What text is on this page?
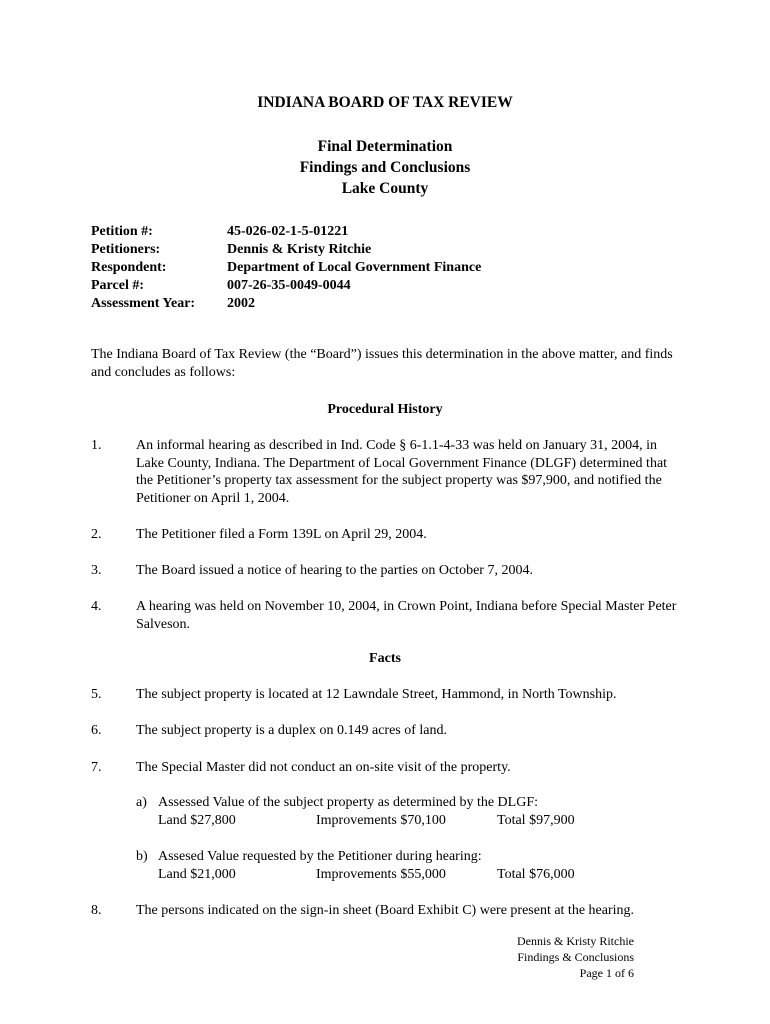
INDIANA BOARD OF TAX REVIEW
Final Determination
Findings and Conclusions
Lake County
Petition #:	45-026-02-1-5-01221
Petitioners:	Dennis & Kristy Ritchie
Respondent:	Department of Local Government Finance
Parcel #:	007-26-35-0049-0044
Assessment Year:	2002
The Indiana Board of Tax Review (the “Board”) issues this determination in the above matter, and finds and concludes as follows:
Procedural History
1.	An informal hearing as described in Ind. Code § 6-1.1-4-33 was held on January 31, 2004, in Lake County, Indiana. The Department of Local Government Finance (DLGF) determined that the Petitioner’s property tax assessment for the subject property was $97,900, and notified the Petitioner on April 1, 2004.
2.	The Petitioner filed a Form 139L on April 29, 2004.
3.	The Board issued a notice of hearing to the parties on October 7, 2004.
4.	A hearing was held on November 10, 2004, in Crown Point, Indiana before Special Master Peter Salveson.
Facts
5.	The subject property is located at 12 Lawndale Street, Hammond, in North Township.
6.	The subject property is a duplex on 0.149 acres of land.
7.	The Special Master did not conduct an on-site visit of the property.
a) Assessed Value of the subject property as determined by the DLGF:
Land $27,800	Improvements $70,100	Total $97,900
b) Assesed Value requested by the Petitioner during hearing:
Land $21,000	Improvements $55,000	Total $76,000
8.	The persons indicated on the sign-in sheet (Board Exhibit C) were present at the hearing.
Dennis & Kristy Ritchie
Findings & Conclusions
Page 1 of 6
